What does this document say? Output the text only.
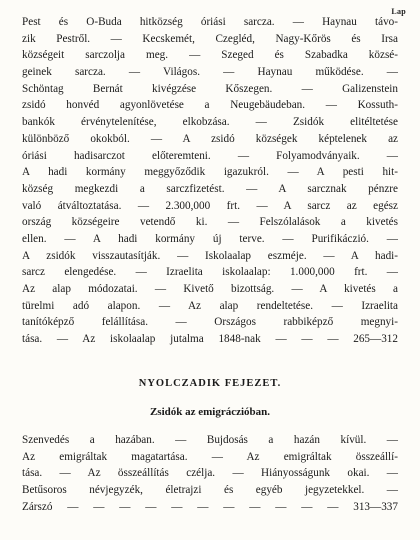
Lap
Pest és O-Buda hitközség óriási sarcza. — Haynau távo-
zik Pestről. — Kecskemét, Czegléd, Nagy-Kőrös és Irsa
községeit sarczolja meg. — Szeged és Szabadka közsé-
geinek sarcza. — Világos. — Haynau működése. —
Schöntag Bernát kivégzése Kőszegen. — Galizenstein
zsidó honvéd agyonlövetése a Neugebäudeban. — Kossuth-
bankók érvénytelenítése, elkobzása. — Zsidók elitéltetése
különböző okokból. — A zsidó községek képtelenek az
óriási hadisarczot előteremteni. — Folyamodványaik. —
A hadi kormány meggyőződik igazukról. — A pesti hit-
község megkezdi a sarczfizetést. — A sarcznak pénzre
való átváltoztatása. — 2.300,000 frt. — A sarcz az egész
ország községeire vetendő ki. — Felszólalások a kivetés
ellen. — A hadi kormány új terve. — Purifikáczió. —
A zsidók visszautasítják. — Iskolaalap eszméje. — A hadi-
sarcz elengedése. — Izraelita iskolaalap: 1.000,000 frt. —
Az alap módozatai. — Kivető bizottság. — A kivetés a
türelmi adó alapon. — Az alap rendeltetése. — Izraelita
tanítóképző felállítása. — Országos rabbiképző megnyi-
tása. — Az iskolaalap jutalma 1848-nak — — — 265—312
NYOLCZADIK FEJEZET.
Zsidók az emigráczióban.
Szenvedés a hazában. — Bujdosás a hazán kívül. —
Az emigráltak magatartása. — Az emigráltak összeállí-
tása. — Az összeállítás czélja. — Hiányosságunk okai. —
Betűsoros névjegyzék, életrajzi és egyéb jegyzetekkel. —
Zárszó — — — — — — — — — — — 313—337
